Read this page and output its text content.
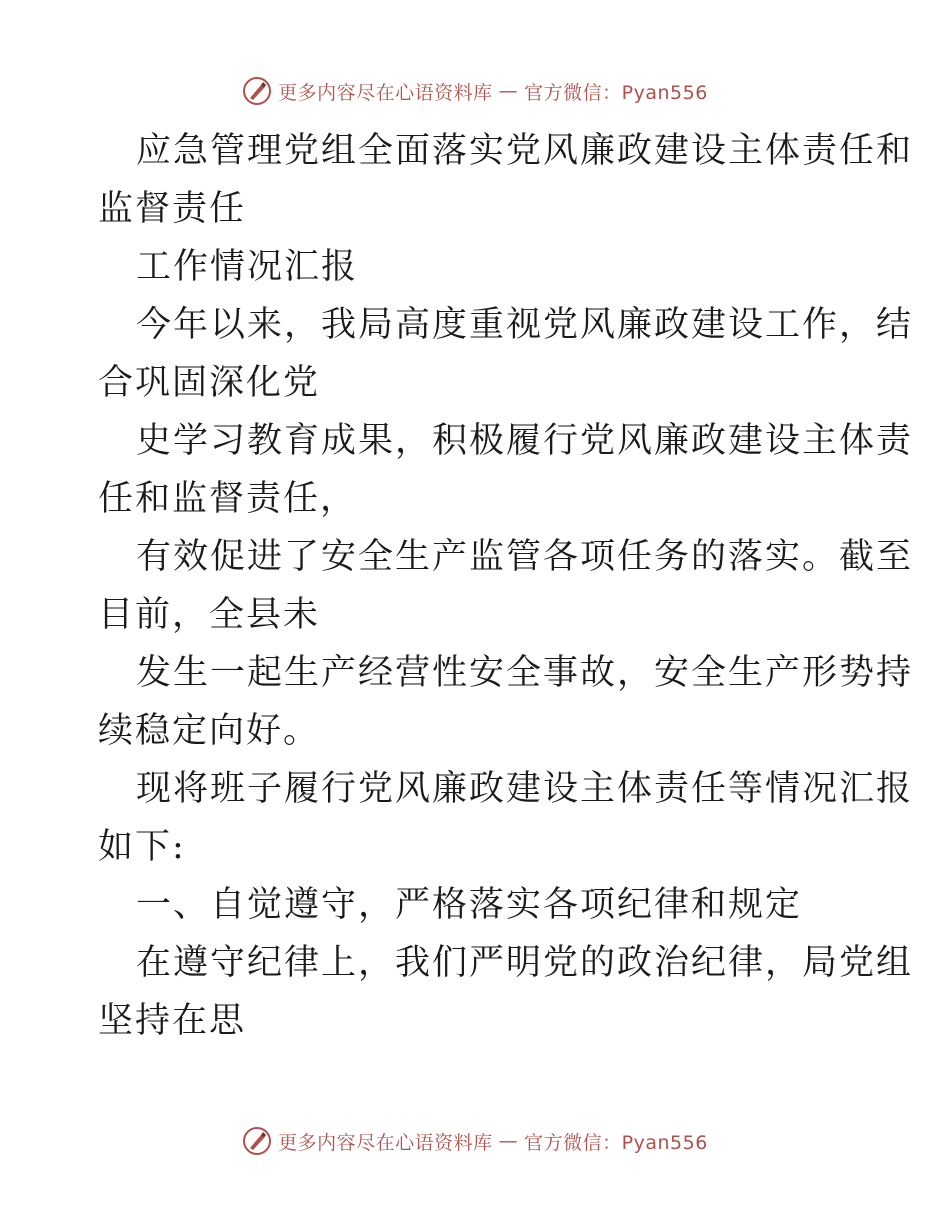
更多内容尽在心语资料库 — 官方微信：Pyan556
应急管理党组全面落实党风廉政建设主体责任和
监督责任
工作情况汇报
今年以来，我局高度重视党风廉政建设工作，结
合巩固深化党
史学习教育成果，积极履行党风廉政建设主体责
任和监督责任，
有效促进了安全生产监管各项任务的落实。截至
目前，全县未
发生一起生产经营性安全事故，安全生产形势持
续稳定向好。
现将班子履行党风廉政建设主体责任等情况汇报
如下:
一、自觉遵守，严格落实各项纪律和规定
在遵守纪律上，我们严明党的政治纪律，局党组
坚持在思
更多内容尽在心语资料库 — 官方微信：Pyan556
